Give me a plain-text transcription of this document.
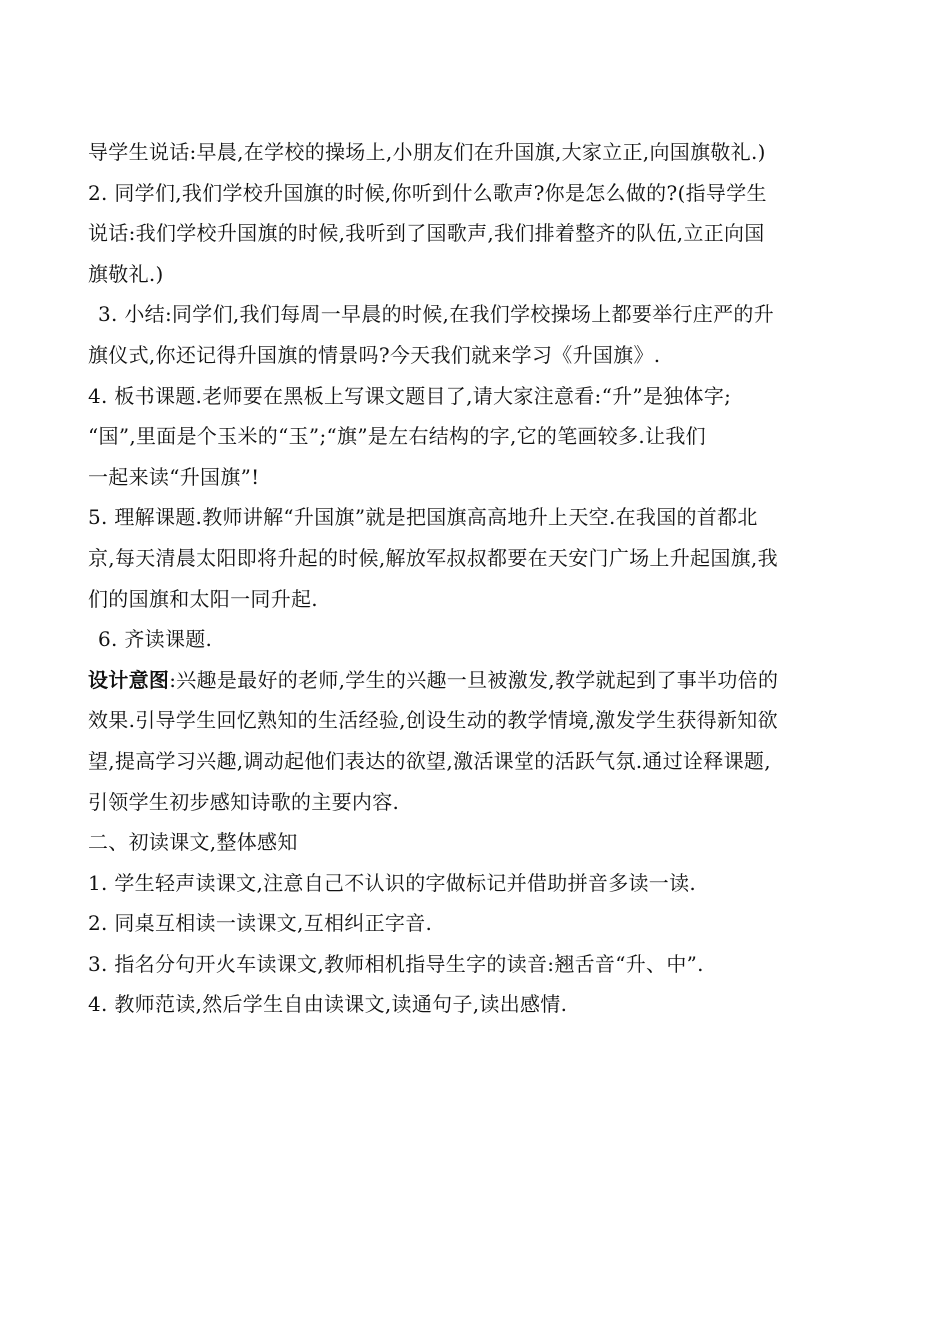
导学生说话:早晨,在学校的操场上,小朋友们在升国旗,大家立正,向国旗敬礼.)

2. 同学们,我们学校升国旗的时候,你听到什么歌声?你是怎么做的?(指导学生
说话:我们学校升国旗的时候,我听到了国歌声,我们排着整齐的队伍,立正向国
旗敬礼.)

3. 小结:同学们,我们每周一早晨的时候,在我们学校操场上都要举行庄严的升
旗仪式,你还记得升国旗的情景吗?今天我们就来学习《升国旗》.

4. 板书课题.老师要在黑板上写课文题目了,请大家注意看:“升”是独体字;
“国”,里面是个玉米的“玉”;“旗”是左右结构的字,它的笔画较多.让我们
一起来读“升国旗”!

5. 理解课题.教师讲解“升国旗”就是把国旗高高地升上天空.在我国的首都北
京,每天清晨太阳即将升起的时候,解放军叔叔都要在天安门广场上升起国旗,我
们的国旗和太阳一同升起.

6. 齐读课题.

设计意图:兴趣是最好的老师,学生的兴趣一旦被激发,教学就起到了事半功倍的
效果.引导学生回忆熟知的生活经验,创设生动的教学情境,激发学生获得新知欲
望,提高学习兴趣,调动起他们表达的欲望,激活课堂的活跃气氛.通过诠释课题,
引领学生初步感知诗歌的主要内容.

二、初读课文,整体感知

1. 学生轻声读课文,注意自己不认识的字做标记并借助拼音多读一读.

2. 同桌互相读一读课文,互相纠正字音.

3. 指名分句开火车读课文,教师相机指导生字的读音:翘舌音“升、中”.

4. 教师范读,然后学生自由读课文,读通句子,读出感情.
